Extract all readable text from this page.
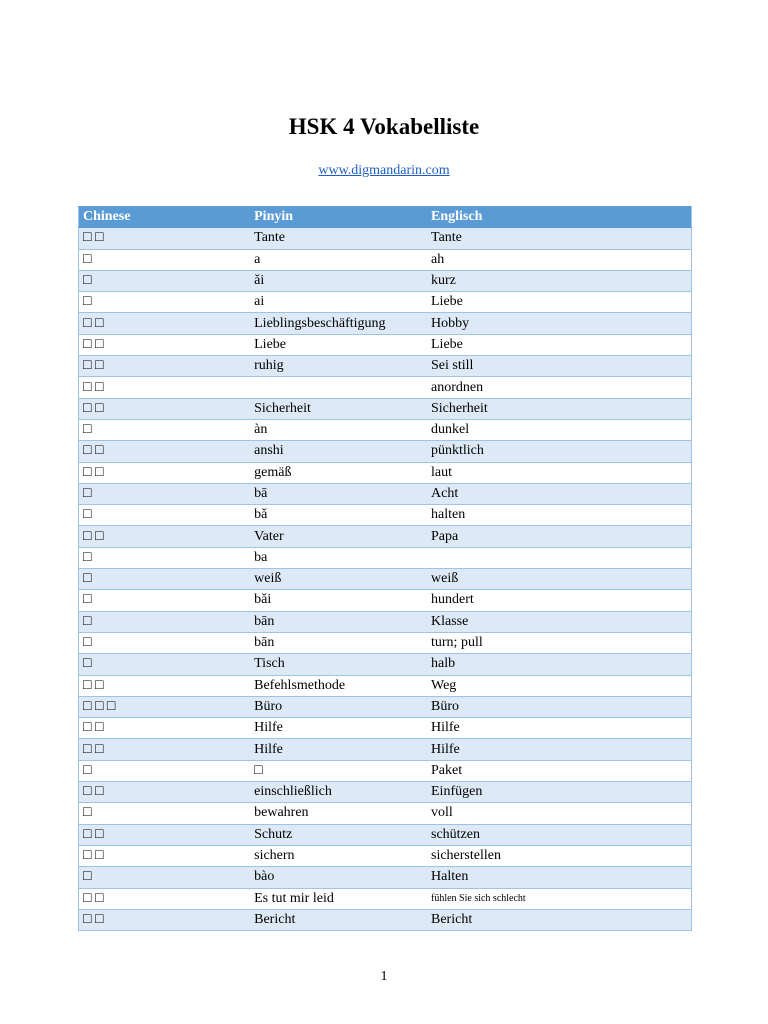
HSK 4 Vokabelliste
www.digmandarin.com
Chinese	Pinyin	Englisch
□ □	Tante	Tante
□	a	ah
□	ǎi	kurz
□	ai	Liebe
□ □	Lieblingsbeschäftigung	Hobby
□ □	Liebe	Liebe
□ □	ruhig	Sei still
□ □		anordnen
□ □	Sicherheit	Sicherheit
□	àn	dunkel
□ □	anshi	pünktlich
□ □	gemäß	laut
□	bā	Acht
□	bǎ	halten
□ □	Vater	Papa
□	ba	
□	weiß	weiß
□	bǎi	hundert
□	bān	Klasse
□	bān	turn; pull
□	Tisch	halb
□ □	Befehlsmethode	Weg
□ □ □	Büro	Büro
□ □	Hilfe	Hilfe
□ □	Hilfe	Hilfe
□	□	Paket
□ □	einschließlich	Einfügen
□	bewahren	voll
□ □	Schutz	schützen
□ □	sichern	sicherstellen
□	bào	Halten
□ □	Es tut mir leid	fühlen Sie sich schlecht
□ □	Bericht	Bericht
1
